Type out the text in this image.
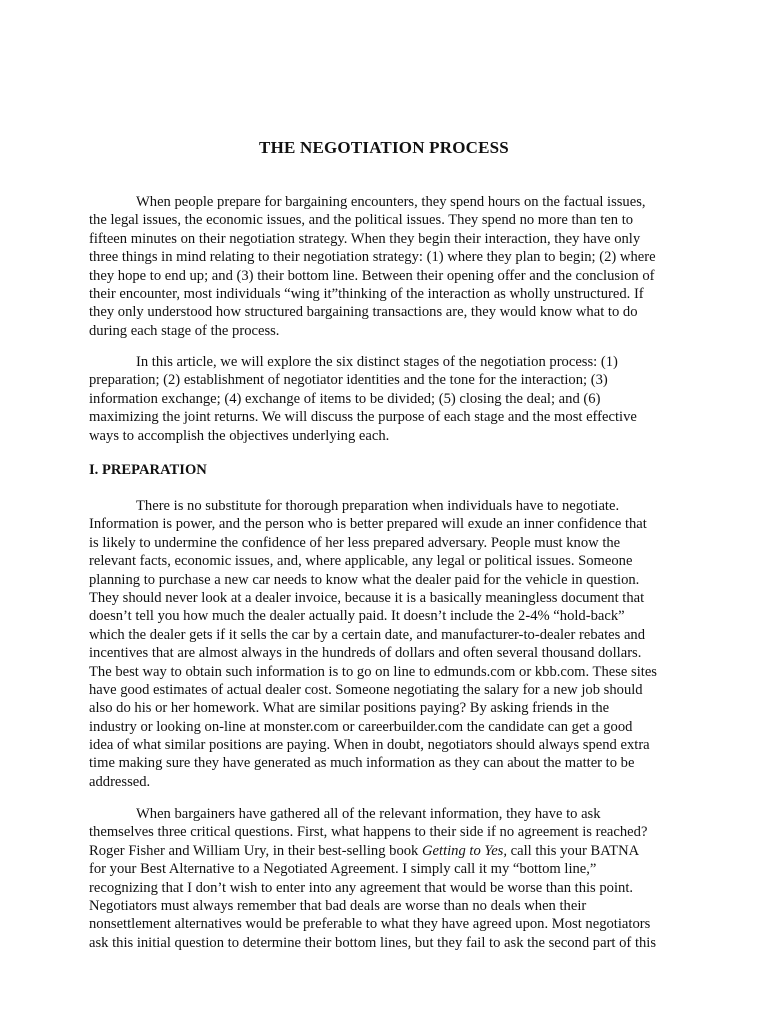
THE NEGOTIATION PROCESS

When people prepare for bargaining encounters, they spend hours on the factual issues,
the legal issues, the economic issues, and the political issues. They spend no more than ten to
fifteen minutes on their negotiation strategy. When they begin their interaction, they have only
three things in mind relating to their negotiation strategy: (1) where they plan to begin; (2) where
they hope to end up; and (3) their bottom line. Between their opening offer and the conclusion of
their encounter, most individuals “wing it”thinking of the interaction as wholly unstructured. If
they only understood how structured bargaining transactions are, they would know what to do
during each stage of the process.

In this article, we will explore the six distinct stages of the negotiation process: (1)
preparation; (2) establishment of negotiator identities and the tone for the interaction; (3)
information exchange; (4) exchange of items to be divided; (5) closing the deal; and (6)
maximizing the joint returns. We will discuss the purpose of each stage and the most effective
ways to accomplish the objectives underlying each.

I. PREPARATION

There is no substitute for thorough preparation when individuals have to negotiate.
Information is power, and the person who is better prepared will exude an inner confidence that
is likely to undermine the confidence of her less prepared adversary. People must know the
relevant facts, economic issues, and, where applicable, any legal or political issues. Someone
planning to purchase a new car needs to know what the dealer paid for the vehicle in question.
They should never look at a dealer invoice, because it is a basically meaningless document that
doesn’t tell you how much the dealer actually paid. It doesn’t include the 2-4% “hold-back”
which the dealer gets if it sells the car by a certain date, and manufacturer-to-dealer rebates and
incentives that are almost always in the hundreds of dollars and often several thousand dollars.
The best way to obtain such information is to go on line to edmunds.com or kbb.com. These sites
have good estimates of actual dealer cost. Someone negotiating the salary for a new job should
also do his or her homework. What are similar positions paying? By asking friends in the
industry or looking on-line at monster.com or careerbuilder.com the candidate can get a good
idea of what similar positions are paying. When in doubt, negotiators should always spend extra
time making sure they have generated as much information as they can about the matter to be
addressed.

When bargainers have gathered all of the relevant information, they have to ask
themselves three critical questions. First, what happens to their side if no agreement is reached?
Roger Fisher and William Ury, in their best-selling book Getting to Yes, call this your BATNA
for your Best Alternative to a Negotiated Agreement. I simply call it my “bottom line,”
recognizing that I don’t wish to enter into any agreement that would be worse than this point.
Negotiators must always remember that bad deals are worse than no deals when their
nonsettlement alternatives would be preferable to what they have agreed upon. Most negotiators
ask this initial question to determine their bottom lines, but they fail to ask the second part of this
